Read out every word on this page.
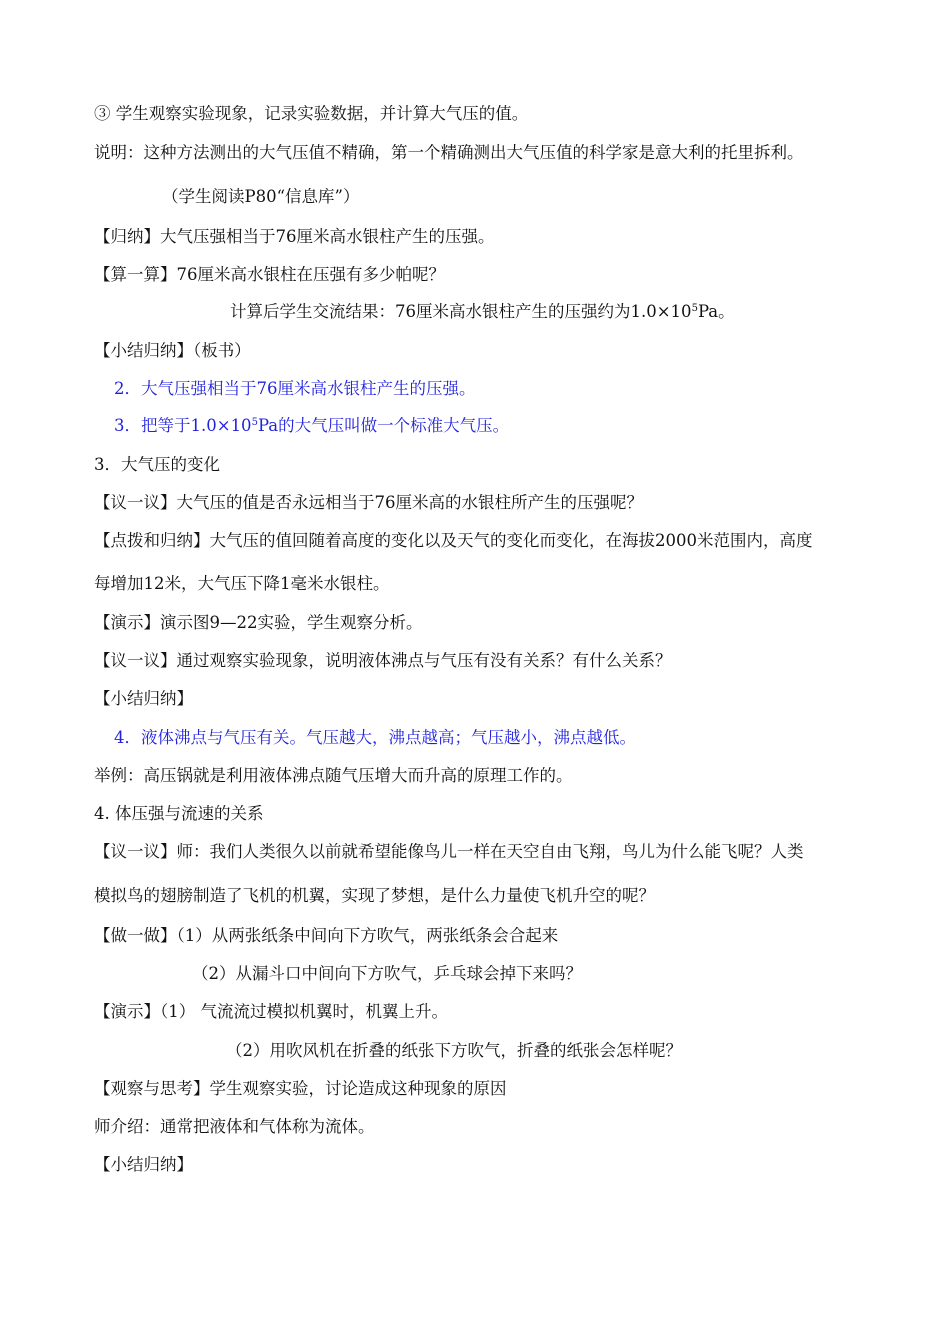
③ 学生观察实验现象，记录实验数据，并计算大气压的值。
说明：这种方法测出的大气压值不精确，第一个精确测出大气压值的科学家是意大利的托里拆利。
（学生阅读P80“信息库”）
【归纳】大气压强相当于76厘米高水银柱产生的压强。
【算一算】76厘米高水银柱在压强有多少帕呢？
计算后学生交流结果：76厘米高水银柱产生的压强约为$1.0\times 10^5Pa$。
【小结归纳】（板书）
2．大气压强相当于76厘米高水银柱产生的压强。
3．把等于$1.0\times 10^5Pa$的大气压叫做一个标准大气压。
3．大气压的变化
【议一议】大气压的值是否永远相当于76厘米高的水银柱所产生的压强呢？
【点拨和归纳】大气压的值回随着高度的变化以及天气的变化而变化，在海拔2000米范围内，高度
每增加12米，大气压下降1毫米水银柱。
【演示】演示图9—22实验，学生观察分析。
【议一议】通过观察实验现象，说明液体沸点与气压有没有关系？有什么关系？
【小结归纳】
4．液体沸点与气压有关。气压越大，沸点越高；气压越小，沸点越低。
举例：高压锅就是利用液体沸点随气压增大而升高的原理工作的。
4. 体压强与流速的关系
【议一议】师：我们人类很久以前就希望能像鸟儿一样在天空自由飞翔，鸟儿为什么能飞呢？人类
模拟鸟的翅膀制造了飞机的机翼，实现了梦想，是什么力量使飞机升空的呢？
【做一做】（1）从两张纸条中间向下方吹气，两张纸条会合起来
（2）从漏斗口中间向下方吹气，乒乓球会掉下来吗？
【演示】（1） 气流流过模拟机翼时，机翼上升。
（2）用吹风机在折叠的纸张下方吹气，折叠的纸张会怎样呢？
【观察与思考】学生观察实验，讨论造成这种现象的原因
师介绍：通常把液体和气体称为流体。
【小结归纳】
